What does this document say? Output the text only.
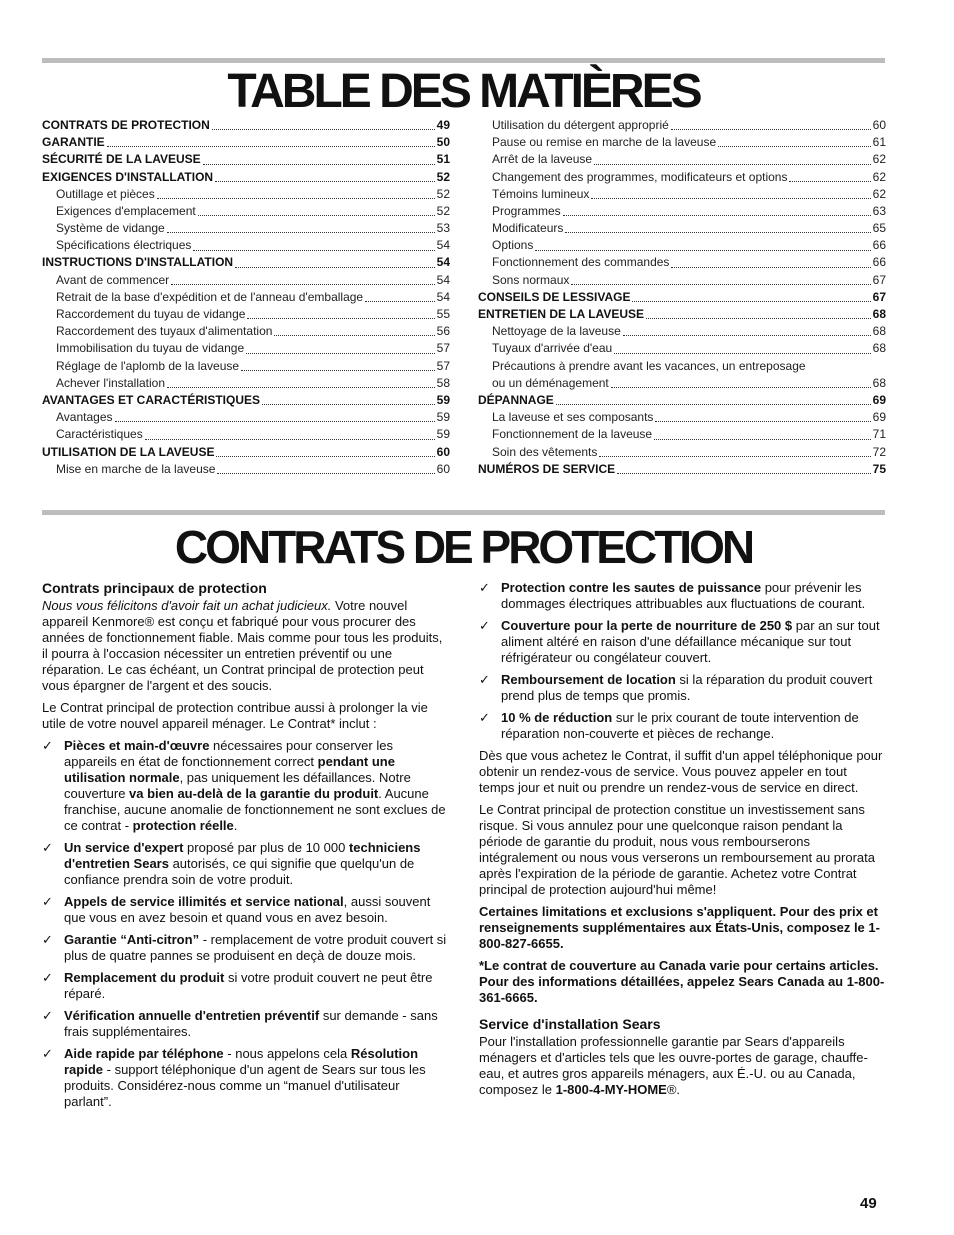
TABLE DES MATIÈRES
CONTRATS DE PROTECTION	49
GARANTIE	50
SÉCURITÉ DE LA LAVEUSE	51
EXIGENCES D'INSTALLATION	52
Outillage et pièces	52
Exigences d'emplacement	52
Système de vidange	53
Spécifications électriques	54
INSTRUCTIONS D'INSTALLATION	54
Avant de commencer	54
Retrait de la base d'expédition et de l'anneau d'emballage	54
Raccordement du tuyau de vidange	55
Raccordement des tuyaux d'alimentation	56
Immobilisation du tuyau de vidange	57
Réglage de l'aplomb de la laveuse	57
Achever l'installation	58
AVANTAGES ET CARACTÉRISTIQUES	59
Avantages	59
Caractéristiques	59
UTILISATION DE LA LAVEUSE	60
Mise en marche de la laveuse	60
Utilisation du détergent approprié	60
Pause ou remise en marche de la laveuse	61
Arrêt de la laveuse	62
Changement des programmes, modificateurs et options	62
Témoins lumineux	62
Programmes	63
Modificateurs	65
Options	66
Fonctionnement des commandes	66
Sons normaux	67
CONSEILS DE LESSIVAGE	67
ENTRETIEN DE LA LAVEUSE	68
Nettoyage de la laveuse	68
Tuyaux d'arrivée d'eau	68
Précautions à prendre avant les vacances, un entreposage
ou un déménagement	68
DÉPANNAGE	69
La laveuse et ses composants	69
Fonctionnement de la laveuse	71
Soin des vêtements	72
NUMÉROS DE SERVICE	75
CONTRATS DE PROTECTION
Contrats principaux de protection

Nous vous félicitons d'avoir fait un achat judicieux. Votre nouvel appareil Kenmore® est conçu et fabriqué pour vous procurer des années de fonctionnement fiable. Mais comme pour tous les produits, il pourra à l'occasion nécessiter un entretien préventif ou une réparation. Le cas échéant, un Contrat principal de protection peut vous épargner de l'argent et des soucis.

Le Contrat principal de protection contribue aussi à prolonger la vie utile de votre nouvel appareil ménager. Le Contrat* inclut :

✓ Pièces et main-d'œuvre nécessaires pour conserver les appareils en état de fonctionnement correct pendant une utilisation normale, pas uniquement les défaillances. Notre couverture va bien au-delà de la garantie du produit. Aucune franchise, aucune anomalie de fonctionnement ne sont exclues de ce contrat - protection réelle.
✓ Un service d'expert proposé par plus de 10 000 techniciens d'entretien Sears autorisés, ce qui signifie que quelqu'un de confiance prendra soin de votre produit.
✓ Appels de service illimités et service national, aussi souvent que vous en avez besoin et quand vous en avez besoin.
✓ Garantie “Anti-citron” - remplacement de votre produit couvert si plus de quatre pannes se produisent en deçà de douze mois.
✓ Remplacement du produit si votre produit couvert ne peut être réparé.
✓ Vérification annuelle d'entretien préventif sur demande - sans frais supplémentaires.
✓ Aide rapide par téléphone - nous appelons cela Résolution rapide - support téléphonique d'un agent de Sears sur tous les produits. Considérez-nous comme un “manuel d'utilisateur parlant”.
✓ Protection contre les sautes de puissance pour prévenir les dommages électriques attribuables aux fluctuations de courant.
✓ Couverture pour la perte de nourriture de 250 $ par an sur tout aliment altéré en raison d'une défaillance mécanique sur tout réfrigérateur ou congélateur couvert.
✓ Remboursement de location si la réparation du produit couvert prend plus de temps que promis.
✓ 10 % de réduction sur le prix courant de toute intervention de réparation non-couverte et pièces de rechange.

Dès que vous achetez le Contrat, il suffit d'un appel téléphonique pour obtenir un rendez-vous de service. Vous pouvez appeler en tout temps jour et nuit ou prendre un rendez-vous de service en direct.

Le Contrat principal de protection constitue un investissement sans risque. Si vous annulez pour une quelconque raison pendant la période de garantie du produit, nous vous rembourserons intégralement ou nous vous verserons un remboursement au prorata après l'expiration de la période de garantie. Achetez votre Contrat principal de protection aujourd'hui même!

Certaines limitations et exclusions s'appliquent. Pour des prix et renseignements supplémentaires aux États-Unis, composez le 1-800-827-6655.

*Le contrat de couverture au Canada varie pour certains articles. Pour des informations détaillées, appelez Sears Canada au 1-800-361-6665.

Service d'installation Sears

Pour l'installation professionnelle garantie par Sears d'appareils ménagers et d'articles tels que les ouvre-portes de garage, chauffe-eau, et autres gros appareils ménagers, aux É.-U. ou au Canada, composez le 1-800-4-MY-HOME®.

49
